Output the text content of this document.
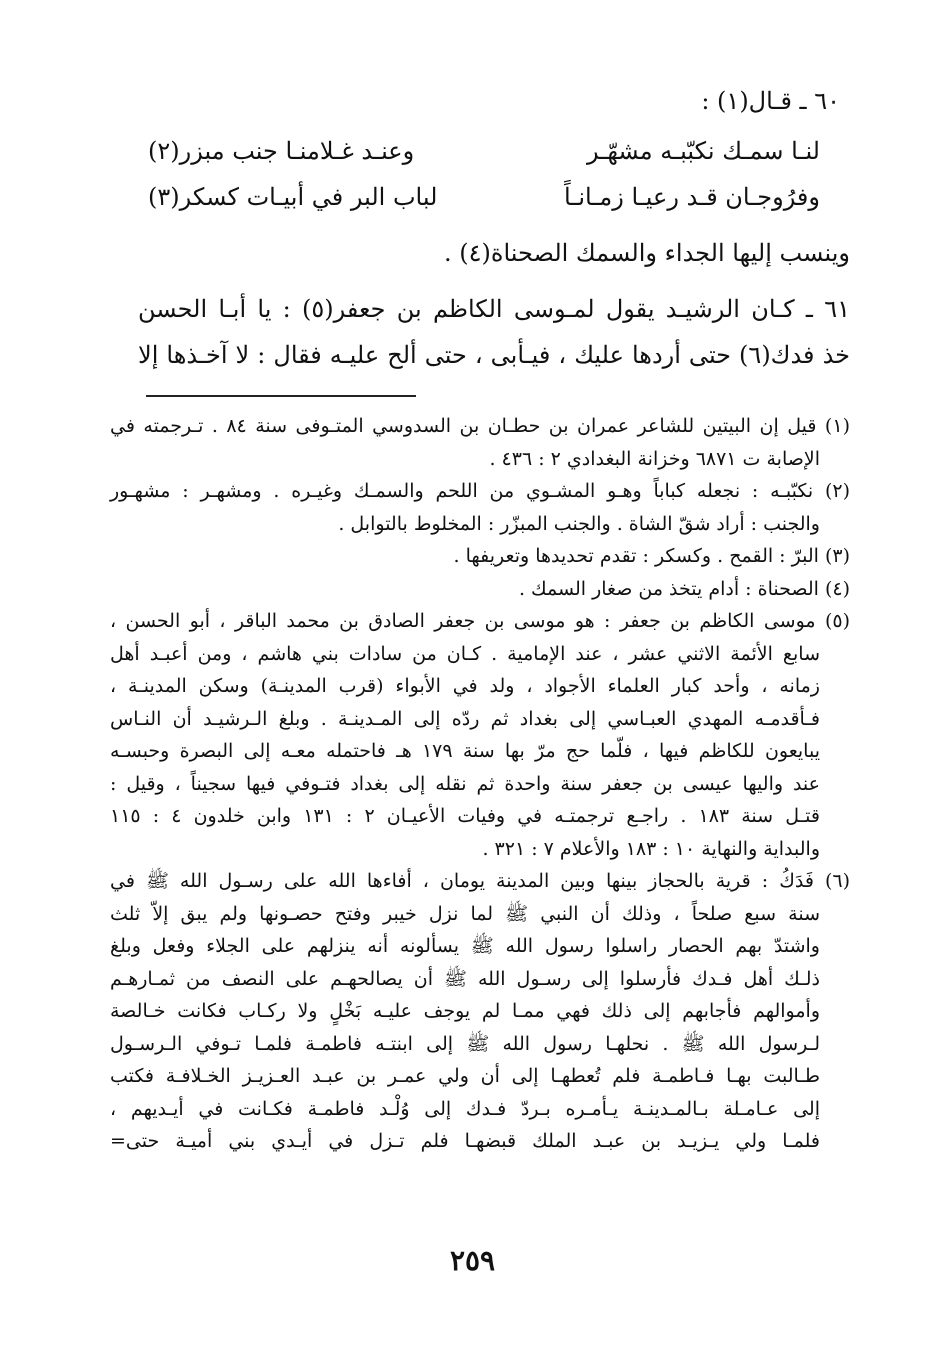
٦٠ ـ قـال(١) :
لنـا سمـك نكبّبـه مشهّـر
وعنـد غـلامنـا جنب مبزر(٢)
وفرُوجـان قـد رعيـا زمـانـاً
لباب البر في أبيـات كسكر(٣)
وينسب إليها الجداء والسمك الصحناة(٤) .
٦١ ـ كـان الرشيـد يقول لمـوسى الكاظم بن جعفر(٥) : يا أبـا الحسن
خذ فدك(٦) حتى أردها عليك ، فيـأبى ، حتى ألح عليـه فقال : لا آخـذها إلا
(١) قيل إن البيتين للشاعر عمران بن حطـان بن السدوسي المتـوفى سنة ٨٤ . تـرجمته في
الإصابة ت ٦٨٧١ وخزانة البغدادي ٢ : ٤٣٦ .
(٢) نكبّبـه : نجعله كباباً وهـو المشـوي من اللحم والسمـك وغيـره . ومشهـر : مشهـور
والجنب : أراد شقّ الشاة . والجنب المبزّر : المخلوط بالتوابل .
(٣) البرّ : القمح . وكسكر : تقدم تحديدها وتعريفها .
(٤) الصحناة : أدام يتخذ من صغار السمك .
(٥) موسى الكاظم بن جعفر : هو موسى بن جعفر الصادق بن محمد الباقر ، أبو الحسن ،
سابع الأئمة الاثني عشر ، عند الإمامية . كـان من سادات بني هاشم ، ومن أعبـد أهل
زمانه ، وأحد كبار العلماء الأجواد ، ولد في الأبواء (قرب المدينـة) وسكن المدينـة ،
فـأقدمـه المهدي العبـاسي إلى بغداد ثم ردّه إلى المـدينـة . وبلغ الـرشيـد أن النـاس
يبايعون للكاظم فيها ، فلّما حج مرّ بها سنة ١٧٩ هـ فاحتمله معـه إلى البصرة وحبسـه
عند واليها عيسى بن جعفر سنة واحدة ثم نقله إلى بغداد فتـوفي فيها سجيناً ، وقيل :
قتـل سنة ١٨٣ . راجـع ترجمتـه في وفيات الأعيـان ٢ : ١٣١ وابن خلدون ٤ : ١١٥
والبداية والنهاية ١٠ : ١٨٣ والأعلام ٧ : ٣٢١ .
(٦) فَدَكُ : قرية بالحجاز بينها وبين المدينة يومان ، أفاءها الله على رسـول الله ﷺ في
سنة سبع صلحاً ، وذلك أن النبي ﷺ لما نزل خيبر وفتح حصـونها ولم يبق إلاّ ثلث
واشتدّ بهم الحصار راسلوا رسول الله ﷺ يسألونه أنه ينزلهم على الجلاء وفعل وبلغ
ذلـك أهل فـدك فأرسلوا إلى رسـول الله ﷺ أن يصالحهـم على النصف من ثمـارهـم
وأموالهم فأجابهم إلى ذلك فهي ممـا لم يوجف عليـه بَخْلٍ ولا ركـاب فكانت خـالصة
لـرسول الله ﷺ . نحلهـا رسول الله ﷺ إلى ابنتـه فاطمـة فلمـا تـوفي الـرسـول
طـالبت بهـا فـاطمـة فلم تُعطهـا إلى أن ولي عمـر بن عبـد العـزيـز الخـلافـة فكتب
إلى عـامـلة بـالمـدينـة يـأمـره بـردّ فـدك إلى وُلْـد فاطمـة فكـانت في أيـديهم ،
فلمـا ولي يـزيـد بن عبـد الملك قبضهـا فلم تـزل في أيـدي بني أميـة حتى=
٢٥٩
